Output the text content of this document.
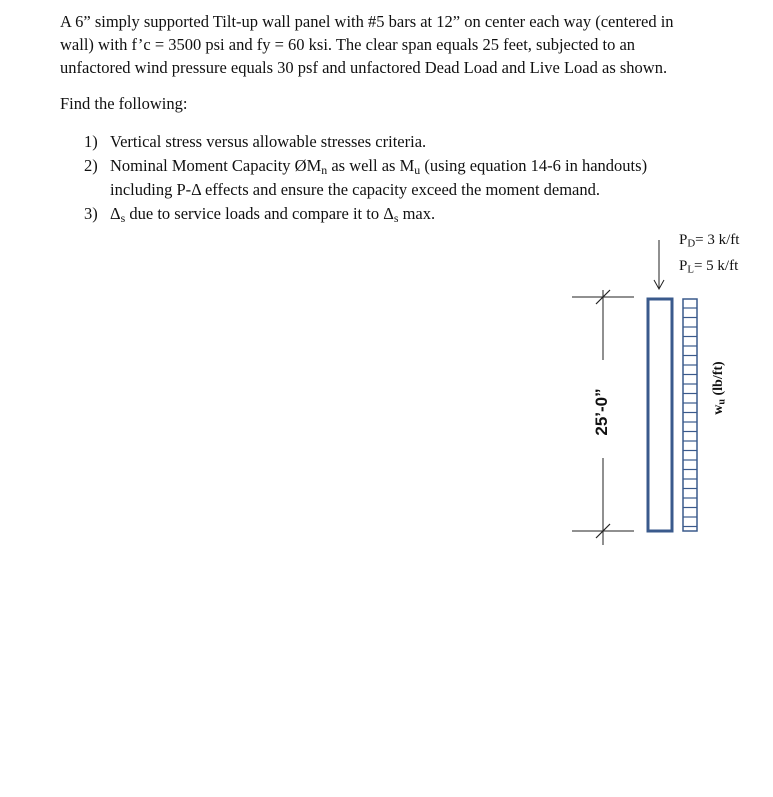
A 6” simply supported Tilt-up wall panel with #5 bars at 12” on center each way (centered in
wall) with f’c = 3500 psi and fy = 60 ksi. The clear span equals 25 feet, subjected to an
unfactored wind pressure equals 30 psf and unfactored Dead Load and Live Load as shown.

Find the following:

1) Vertical stress versus allowable stresses criteria.
2) Nominal Moment Capacity $ØM_n$ as well as $M_u$ (using equation 14-6 in handouts)
including P-Δ effects and ensure the capacity exceed the moment demand.
3) $\Delta_s$ due to service loads and compare it to $\Delta_s$ max.
$P_D= 3$ k/ft
$P_L= 5$ k/ft
25’-0”	$w_u$ (lb/ft)
